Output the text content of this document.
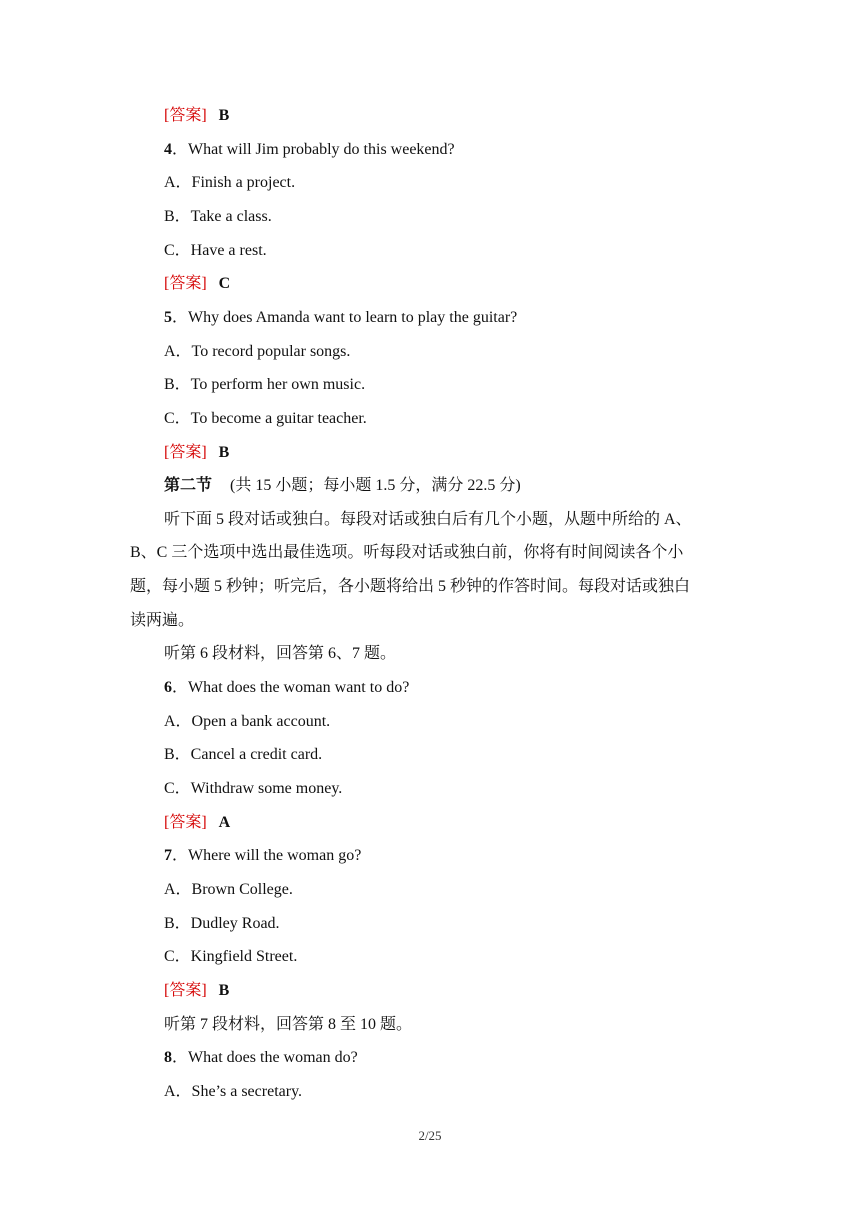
[答案] B
4．What will Jim probably do this weekend?
A．Finish a project.
B．Take a class.
C．Have a rest.
[答案] C
5．Why does Amanda want to learn to play the guitar?
A．To record popular songs.
B．To perform her own music.
C．To become a guitar teacher.
[答案] B
第二节 (共 15 小题；每小题 1.5 分，满分 22.5 分)
听下面 5 段对话或独白。每段对话或独白后有几个小题，从题中所给的 A、
B、C 三个选项中选出最佳选项。听每段对话或独白前，你将有时间阅读各个小
题，每小题 5 秒钟；听完后，各小题将给出 5 秒钟的作答时间。每段对话或独白
读两遍。
听第 6 段材料，回答第 6、7 题。
6．What does the woman want to do?
A．Open a bank account.
B．Cancel a credit card.
C．Withdraw some money.
[答案] A
7．Where will the woman go?
A．Brown College.
B．Dudley Road.
C．Kingfield Street.
[答案] B
听第 7 段材料，回答第 8 至 10 题。
8．What does the woman do?
A．She’s a secretary.
2/25
